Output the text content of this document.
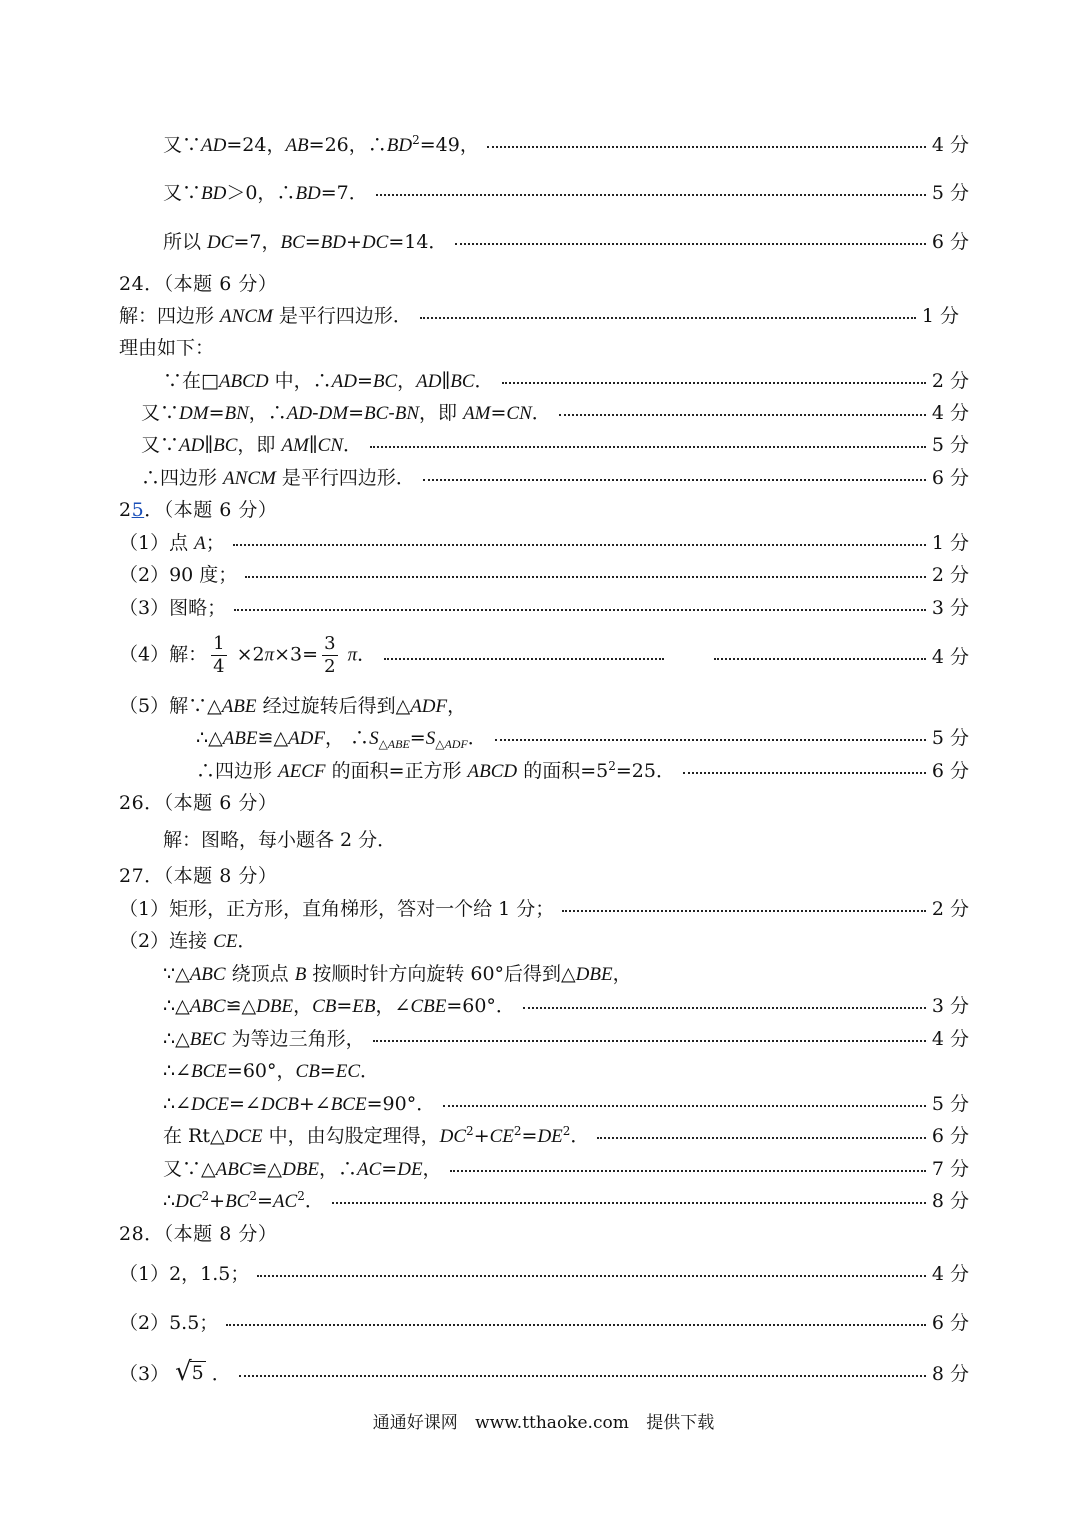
又∵AD=24，AB=26，$\therefore BD^2=49$，	4 分
又∵BD＞0，∴BD=7．	5 分
所以 DC=7，BC=BD+DC=14．	6 分
24．（本题 6 分）
解：四边形 ANCM 是平行四边形．	1 分
理由如下：
∵在□ABCD 中，∴AD=BC，AD∥BC．	2 分
又∵DM=BN，∴AD-DM=BC-BN，即 AM=CN．	4 分
又∵AD∥BC，即 AM∥CN．	5 分
∴四边形 ANCM 是平行四边形．	6 分
25．（本题 6 分）
（1）点 A；	1 分
（2）90 度；	2 分
（3）图略；	3 分
（4）解： $\frac{1}{4} \times 2\pi\times 3= \frac{3}{2}$ π．	4 分
（5）解∵△ABE 经过旋转后得到△ADF，
∴△ABE≌△ADF， $\therefore S_{\triangle ABE}=S_{\triangle ADF}$．	5 分
∴四边形 AECF 的面积=正方形 ABCD 的面积$=5^2=25$．	6 分
26．（本题 6 分）
解：图略，每小题各 2 分．
27．（本题 8 分）
（1）矩形，正方形，直角梯形，答对一个给 1 分；	2 分
（2）连接 CE．
∵△ABC 绕顶点 B 按顺时针方向旋转 60°后得到△DBE，
∴△ABC≌△DBE，CB=EB，∠CBE=60°．	3 分
∴△BEC 为等边三角形，	4 分
∴∠BCE=60°，CB=EC．
∴∠DCE=∠DCB+∠BCE=90°．	5 分
在 Rt△DCE 中，由勾股定理得，$DC^2+CE^2=DE^2$．	6 分
又∵△ABC≌△DBE，∴AC=DE，	7 分
$\therefore DC^2+BC^2=AC^2$．	8 分
28．（本题 8 分）
（1）2，1.5；	4 分
（2）5.5；	6 分
（3） √ 5 ．	8 分
通通好课网 www.tthaoke.com 提供下载
